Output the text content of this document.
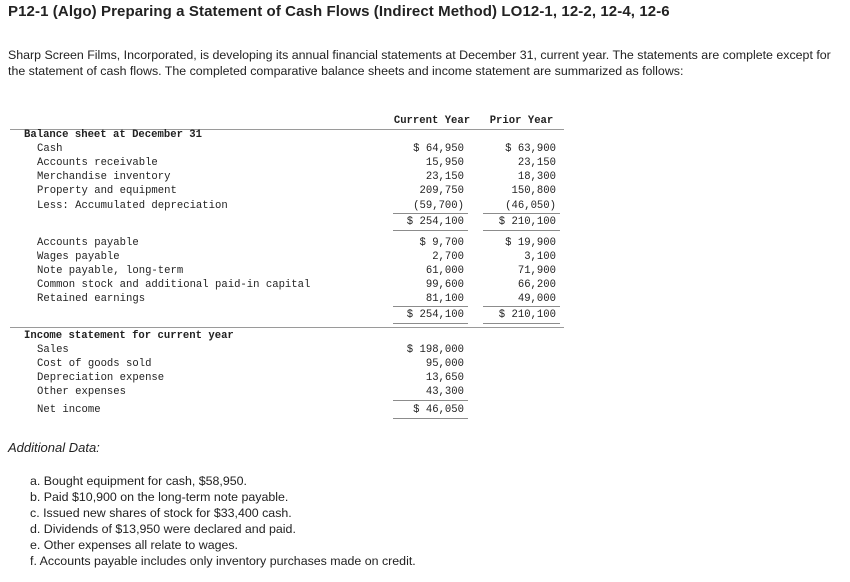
P12-1 (Algo) Preparing a Statement of Cash Flows (Indirect Method) LO12-1, 12-2, 12-4, 12-6
Sharp Screen Films, Incorporated, is developing its annual financial statements at December 31, current year. The statements are complete except for the statement of cash flows. The completed comparative balance sheets and income statement are summarized as follows:
Current Year	Prior Year
Balance sheet at December 31
Cash	$ 64,950	$ 63,900
Accounts receivable	15,950	23,150
Merchandise inventory	23,150	18,300
Property and equipment	209,750	150,800
Less: Accumulated depreciation	(59,700)	(46,050)
$ 254,100	$ 210,100
Accounts payable	$ 9,700	$ 19,900
Wages payable	2,700	3,100
Note payable, long-term	61,000	71,900
Common stock and additional paid-in capital	99,600	66,200
Retained earnings	81,100	49,000
$ 254,100	$ 210,100
Income statement for current year
Sales	$ 198,000
Cost of goods sold	95,000
Depreciation expense	13,650
Other expenses	43,300
Net income	$ 46,050
Additional Data:
a. Bought equipment for cash, $58,950.
b. Paid $10,900 on the long-term note payable.
c. Issued new shares of stock for $33,400 cash.
d. Dividends of $13,950 were declared and paid.
e. Other expenses all relate to wages.
f. Accounts payable includes only inventory purchases made on credit.
